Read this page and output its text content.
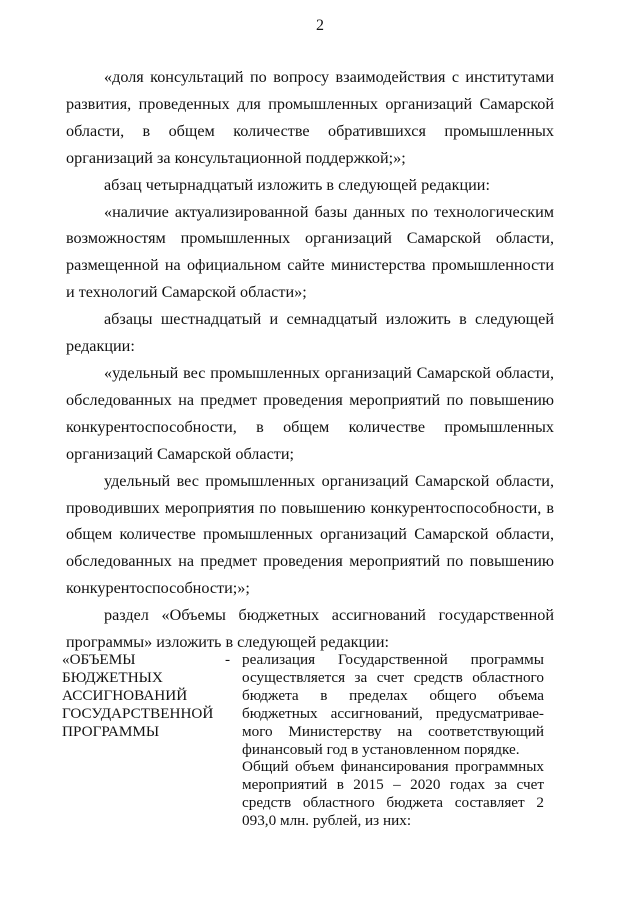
2

«доля консультаций по вопросу взаимодействия с институтами развития, проведенных для промышленных организаций Самарской области, в общем количестве обратившихся промышленных организаций за консультационной поддержкой;»;

абзац четырнадцатый изложить в следующей редакции:

«наличие актуализированной базы данных по технологическим возможностям промышленных организаций Самарской области, размещенной на официальном сайте министерства промышленности и технологий Самарской области»;

абзацы шестнадцатый и семнадцатый изложить в следующей редакции:

«удельный вес промышленных организаций Самарской области, обследованных на предмет проведения мероприятий по повышению конкурентоспособности, в общем количестве промышленных организаций Самарской области;

удельный вес промышленных организаций Самарской области, проводивших мероприятия по повышению конкурентоспособности, в общем количестве промышленных организаций Самарской области, обследованных на предмет проведения мероприятий по повышению конкурентоспособности;»;

раздел «Объемы бюджетных ассигнований государственной программы» изложить в следующей редакции:

«ОБЪЕМЫ
БЮДЖЕТНЫХ
АССИГНОВАНИЙ
ГОСУДАРСТВЕННОЙ
ПРОГРАММЫ
- реализация Государственной программы осуществляется за счет средств областного бюджета в пределах общего объема бюджетных ассигнований, предусматривае-мого Министерству на соответствующий финансовый год в установленном порядке.

Общий объем финансирования программных мероприятий в 2015 – 2020 годах за счет средств областного бюджета составляет 2 093,0 млн. рублей, из них:
